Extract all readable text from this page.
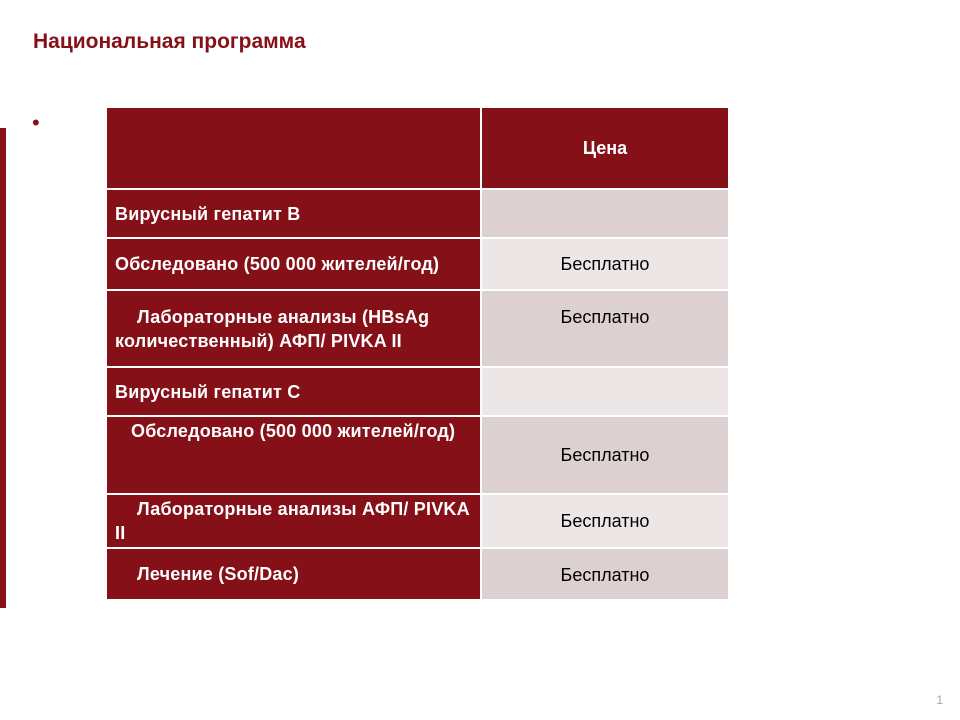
Национальная программа
•
	Цена
Вирусный гепатит В	
Обследовано (500 000 жителей/год)	Бесплатно
Лабораторные анализы (HBsAg количественный) АФП/ PIVKA II	Бесплатно
Вирусный гепатит С	
Обследовано (500 000 жителей/год)	Бесплатно
Лабораторные анализы АФП/ PIVKA II	Бесплатно
Лечение (Sof/Dac)	Бесплатно
1
